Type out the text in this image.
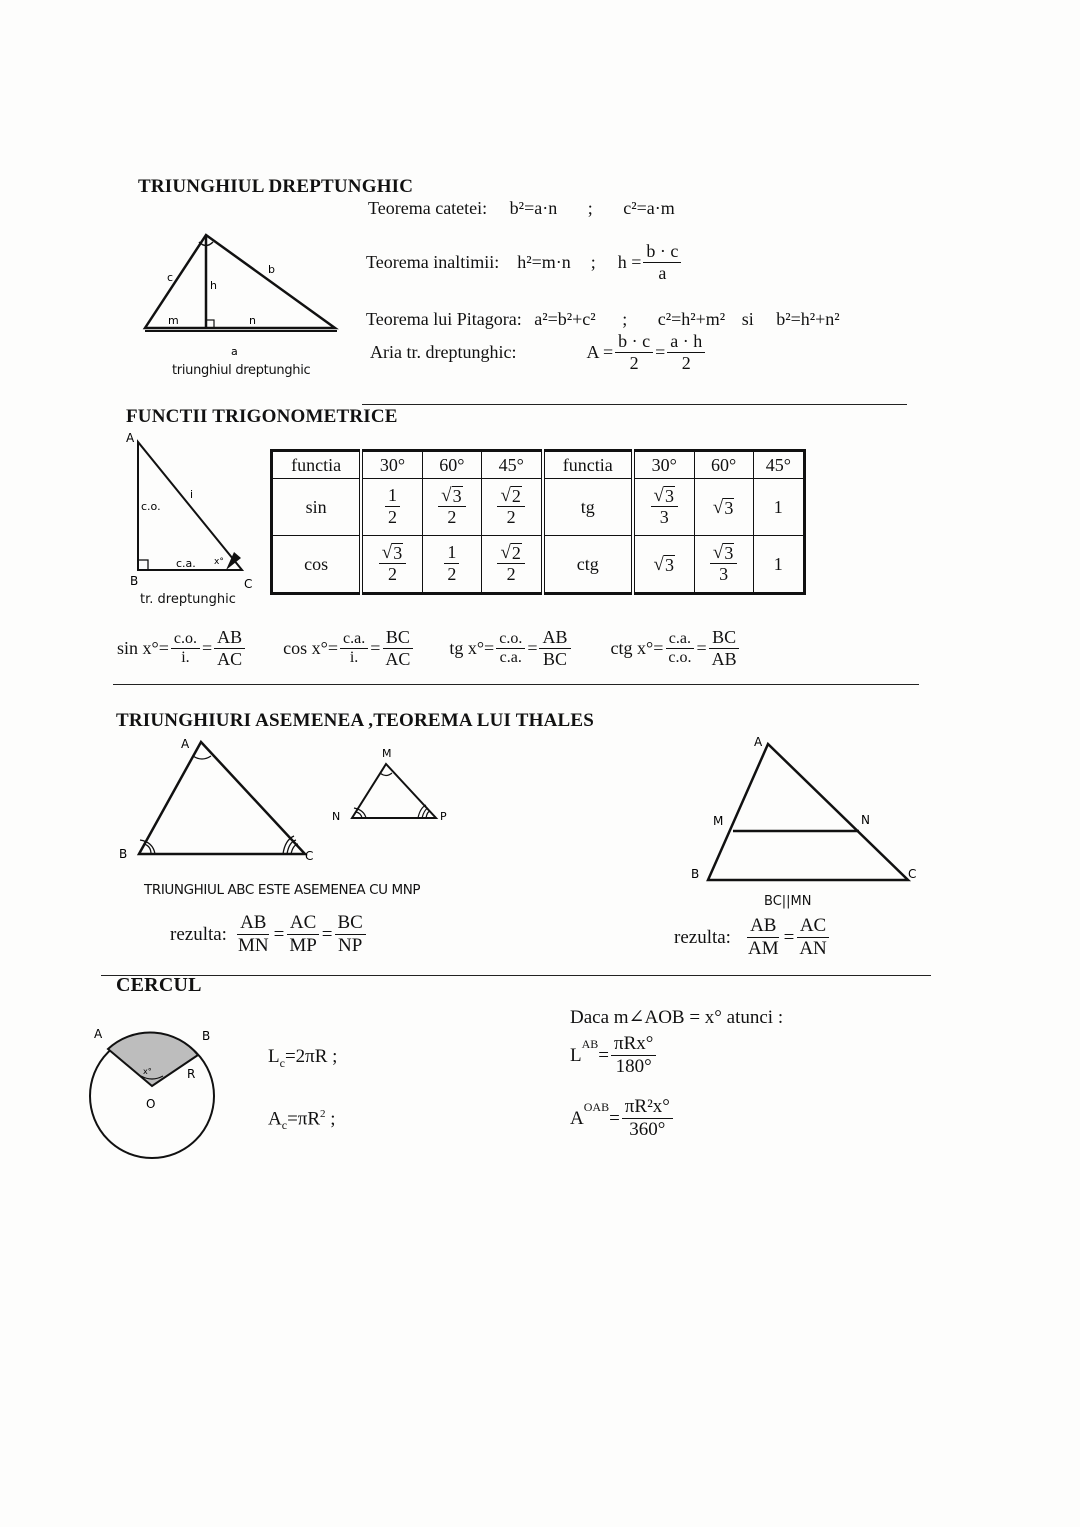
TRIUNGHIUL DREPTUNGHIC
c
h
b
m	n
a
triunghiul dreptunghic
Teorema catetei: b²=a·n ; c²=a·m
Teorema inaltimii: h²=m·n ; $h = \frac{b \cdot c}{a}$
Teorema lui Pitagora: a²=b²+c² ; c²=h²+m² si b²=h²+n²
Aria tr. dreptunghic:	$A = \frac{b \cdot c}{2} = \frac{a \cdot h}{2}$
FUNCTII TRIGONOMETRICE
A
B	C
c.o.
c.a.
i
x°
tr. dreptunghic
functia	30°	60°	45°	functia	30°	60°	45°
sin	$\frac{1}{2}$	$\frac{√ 3}{2}$	$\frac{√ 2}{2}$	tg	$\frac{√ 3}{3}$	√ 3	1
cos	$\frac{√ 3}{2}$	$\frac{1}{2}$	$\frac{√ 2}{2}$	ctg	√ 3	$\frac{√ 3}{3}$	1
$\sin x^\circ= \frac{c.o.}{i.} = \frac{AB}{AC}$ $\cos x^\circ= \frac{c.a.}{i.} = \frac{BC}{AC}$ tg $x^\circ= \frac{c.o.}{c.a.} = \frac{AB}{BC}$ ctg $x^\circ= \frac{c.a.}{c.o.} = \frac{BC}{AB}$
TRIUNGHIURI ASEMENEA ,TEOREMA LUI THALES
A
B	C
M
N	P
TRIUNGHIUL ABC ESTE ASEMENEA CU MNP
rezulta: $\frac{AB}{MN} = \frac{AC}{MP} = \frac{BC}{NP}$
A
M	N
B	C
BC||MN
rezulta: $\frac{AB}{AM} = \frac{AC}{AN}$
CERCUL
A	B
R
O
x°
$L_c=2\pi R$ ;
$A_c=\pi R^2$ ;
Daca m∠AOB = x° atunci :
L
$^{AB}$
= $\frac{\text{πRx°}}{180^\circ}$
A
$^{OAB}$
= $\frac{\text{πR²x°}}{360^\circ}$
